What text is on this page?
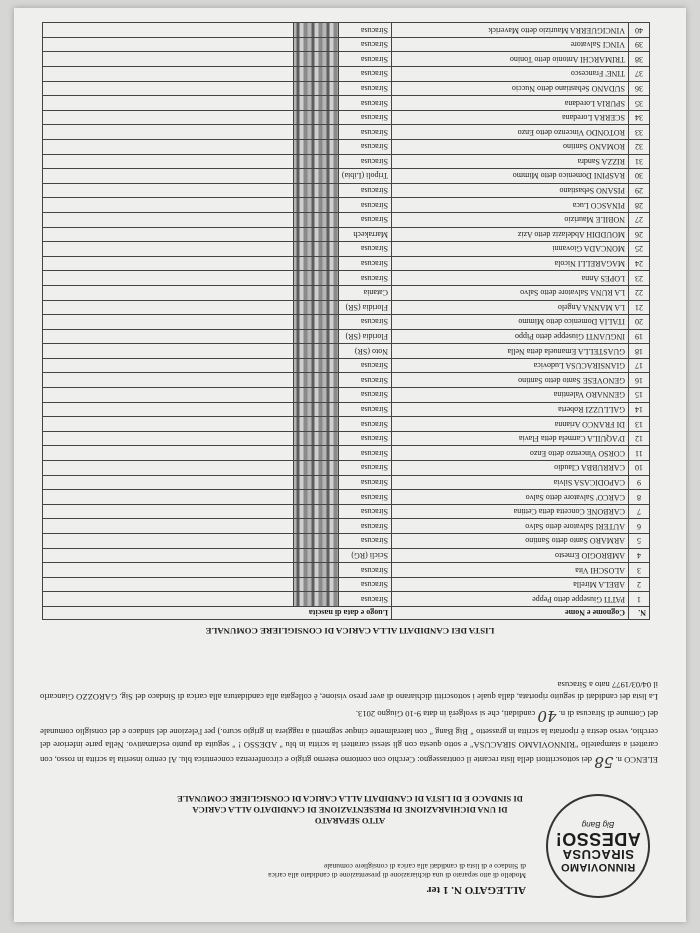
RINNOVIAMO
SIRACUSA
ADESSO!
Big Bang
ALLEGATO N. 1 ter
Modello di atto separato di una dichiarazione di presentazione di candidato alla carica di Sindaco e di lista di candidati alla carica di consigliere comunale
ATTO SEPARATO
DI UNA DICHIARAZIONE DI PRESENTAZIONE DI CANDIDATO ALLA CARICA
DI SINDACO E DI LISTA DI CANDIDATI ALLA CARICA DI CONSIGLIERE COMUNALE

ELENCO n. 58 dei sottoscrittori della lista recante il contrassegno: Cerchio con contorno esterno grigio e circonferenza concentrica blu. Al centro inserita la scritta in rosso, con caratteri a stampatello "RINNOVIAMO SIRACUSA" e sotto questa con gli stessi caratteri la scritta in blu " ADESSO ! " seguita da punto esclamativo. Nella parte inferiore del cerchio, verso destra è riportata la scritta in grassetto " Big Bang " con lateralmente cinque segmenti a raggiera in grigio scuro.) per l'elezione del sindaco e del consiglio comunale del Comune di Siracusa di n. 40 candidati, che si svolgerà in data 9-10 Giugno 2013.

La lista dei candidati di seguito riportata, dalla quale i sottoscritti dichiarano di aver preso visione, è collegata alla candidatura alla carica di Sindaco del Sig. GAROZZO Giancarlo il 04/03/1977 nato a Siracusa

LISTA DEI CANDIDATI ALLA CARICA DI CONSIGLIERE COMUNALE
N.	Cognome e Nome	Luogo e data di nascita		
1	PATTI Giuseppe detto Peppe	Siracusa		
2	ABELA Mirella	Siracusa		
3	ALOSCHI Vita	Siracusa		
4	AMBROGIO Ernesto	Scicli (RG)		
5	ARMARO Santo detto Santino	Siracusa		
6	AUTERI Salvatore detto Salvo	Siracusa		
7	CARBONE Concetta detta Cettina	Siracusa		
8	CARCO' Salvatore detto Salvo	Siracusa		
9	CAPODICASA Silvia	Siracusa		
10	CARRUBBA Claudio	Siracusa		
11	CORSO Vincenzo detto Enzo	Siracusa		
12	D'AQUILA Carmela detta Flavia	Siracusa		
13	DI FRANCO Arianna	Siracusa		
14	GALLUZZI Roberta	Siracusa		
15	GENNARO Valentina	Siracusa		
16	GENOVESE Santo detto Santino	Siracusa		
17	GIANSIRACUSA Ludovica	Siracusa		
18	GUASTELLA Emanuela detta Nella	Noto (SR)		
19	INGUANTI Giuseppe detto Pippo	Floridia (SR)		
20	ITALIA Domenico detto Mimmo	Siracusa		
21	LA MANNA Angelo	Floridia (SR)		
22	LA RUNA Salvatore detto Salvo	Catania		
23	LOPES Anna	Siracusa		
24	MAGARELLI Nicola	Siracusa		
25	MONCADA Giovanni	Siracusa		
26	MOUDDIH Abdelaziz detto Aziz	Marrakech		
27	NOBILE Maurizio	Siracusa		
28	PINASCO Luca	Siracusa		
29	PISANO Sebastiano	Siracusa		
30	RASPINI Domenico detto Mimmo	Tripoli (Libia)		
31	RIZZA Sandra	Siracusa		
32	ROMANO Santino	Siracusa		
33	ROTONDO Vincenzo detto Enzo	Siracusa		
34	SCERRA Loredana	Siracusa		
35	SPURIA Loredana	Siracusa		
36	SUDANO Sebastiano detto Nuccio	Siracusa		
37	TINE' Francesco	Siracusa		
38	TRIMARCHI Antonio detto Tonino	Siracusa		
39	VINCI Salvatore	Siracusa		
40	VINCIGUERRA Maurizio detto Maverick	Siracusa		
